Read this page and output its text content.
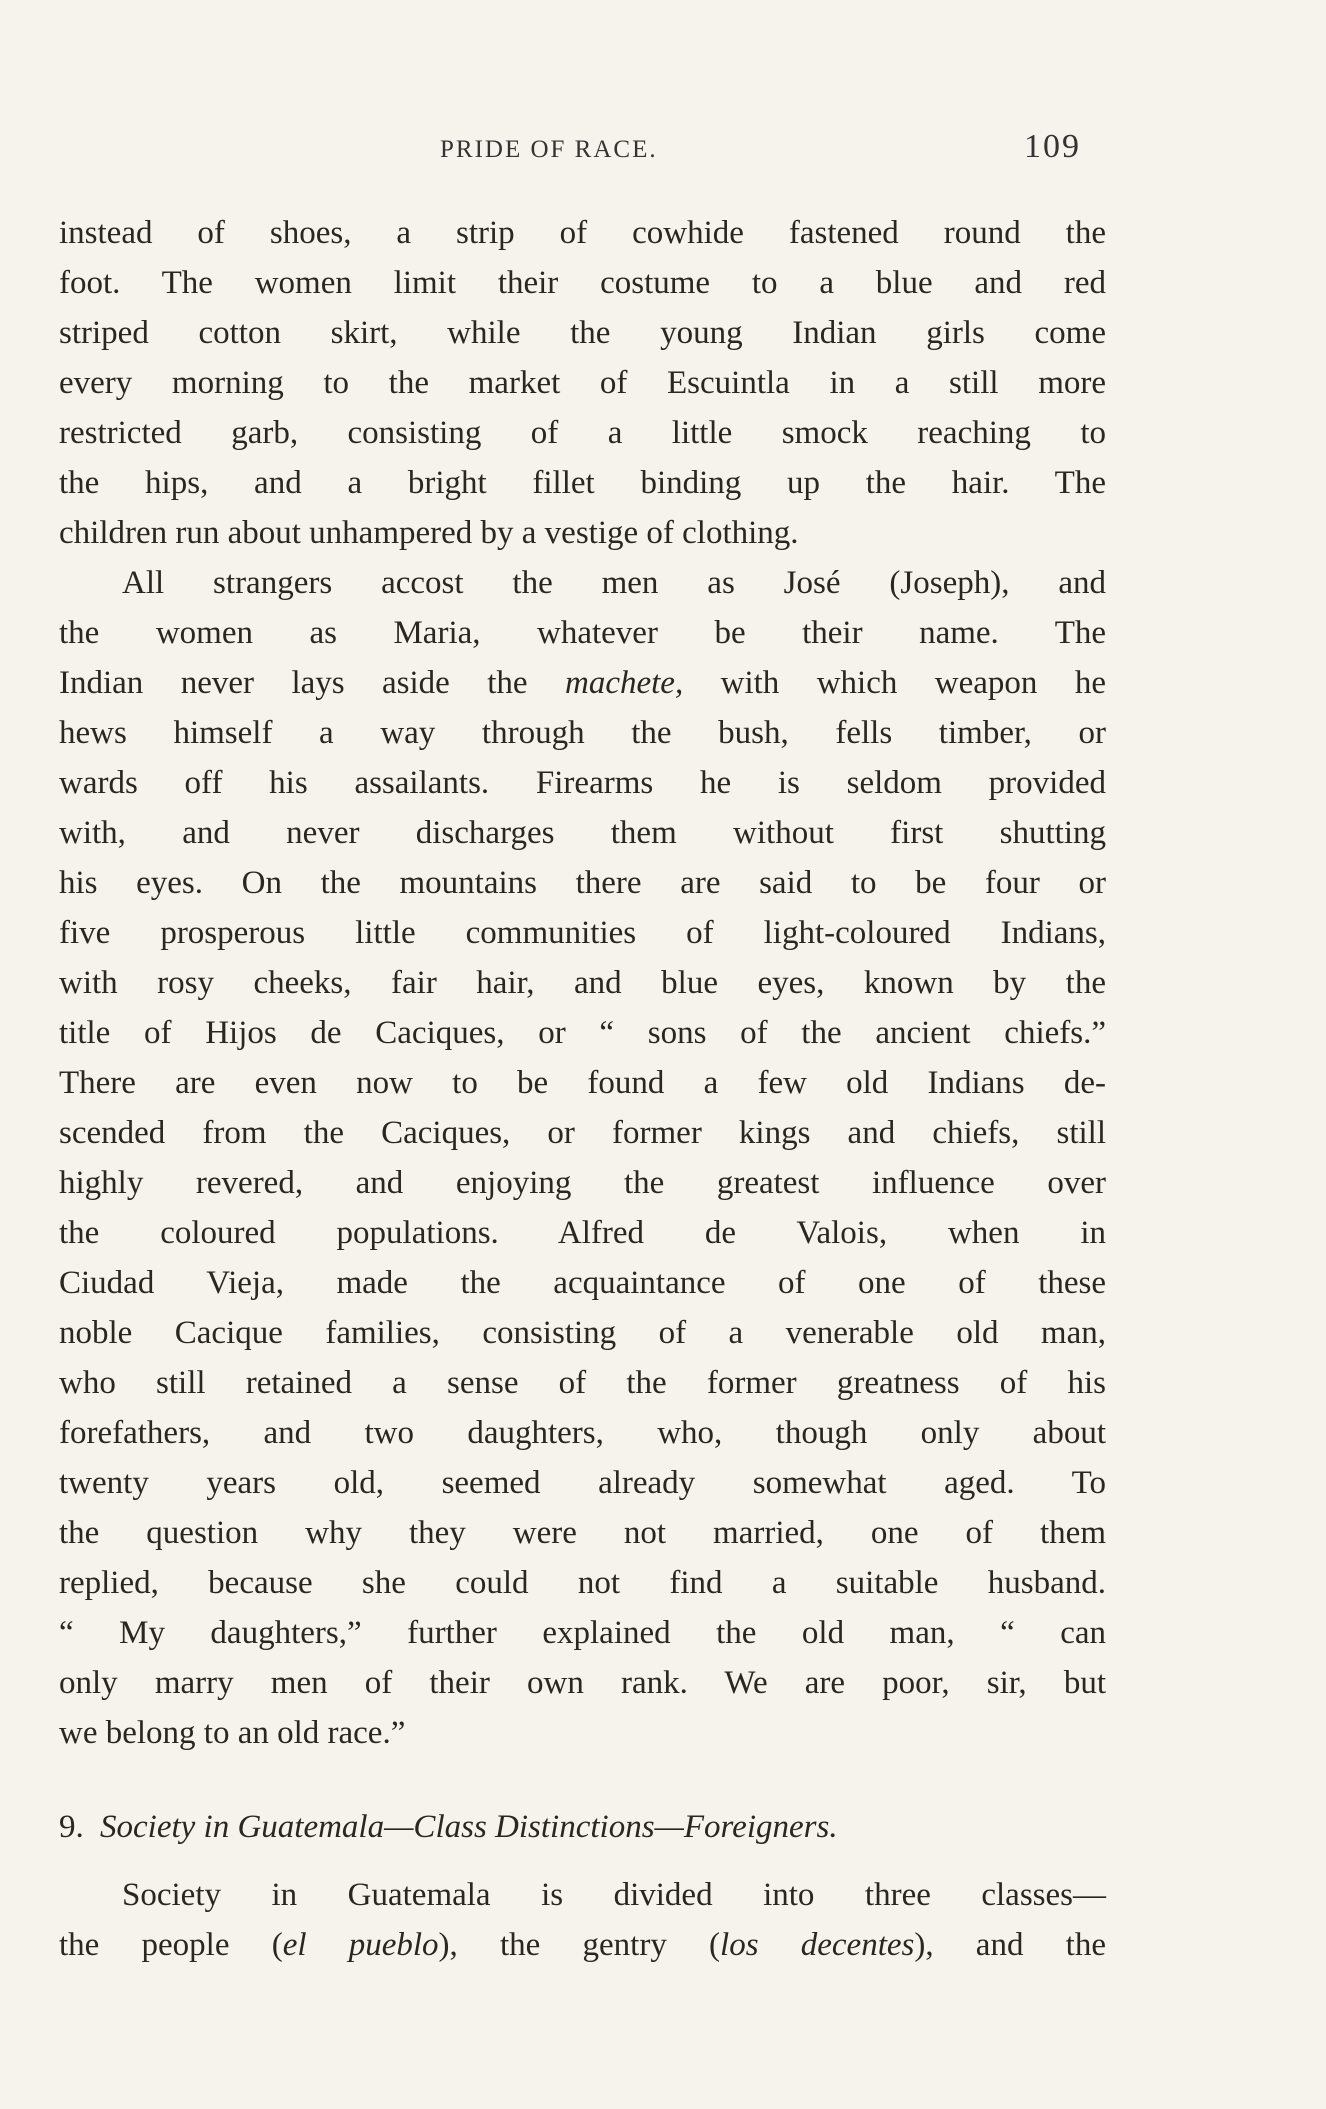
PRIDE OF RACE.	109
instead of shoes, a strip of cowhide fastened round the
foot. The women limit their costume to a blue and red
striped cotton skirt, while the young Indian girls come
every morning to the market of Escuintla in a still more
restricted garb, consisting of a little smock reaching to
the hips, and a bright fillet binding up the hair. The
children run about unhampered by a vestige of clothing.
All strangers accost the men as José (Joseph), and
the women as Maria, whatever be their name. The
Indian never lays aside the machete, with which weapon he
hews himself a way through the bush, fells timber, or
wards off his assailants. Firearms he is seldom provided
with, and never discharges them without first shutting
his eyes. On the mountains there are said to be four or
five prosperous little communities of light-coloured Indians,
with rosy cheeks, fair hair, and blue eyes, known by the
title of Hijos de Caciques, or “ sons of the ancient chiefs.”
There are even now to be found a few old Indians de-
scended from the Caciques, or former kings and chiefs, still
highly revered, and enjoying the greatest influence over
the coloured populations. Alfred de Valois, when in
Ciudad Vieja, made the acquaintance of one of these
noble Cacique families, consisting of a venerable old man,
who still retained a sense of the former greatness of his
forefathers, and two daughters, who, though only about
twenty years old, seemed already somewhat aged. To
the question why they were not married, one of them
replied, because she could not find a suitable husband.
“ My daughters,” further explained the old man, “ can
only marry men of their own rank. We are poor, sir, but
we belong to an old race.”
9. Society in Guatemala—Class Distinctions—Foreigners.
Society in Guatemala is divided into three classes—
the people (el pueblo), the gentry (los decentes), and the
